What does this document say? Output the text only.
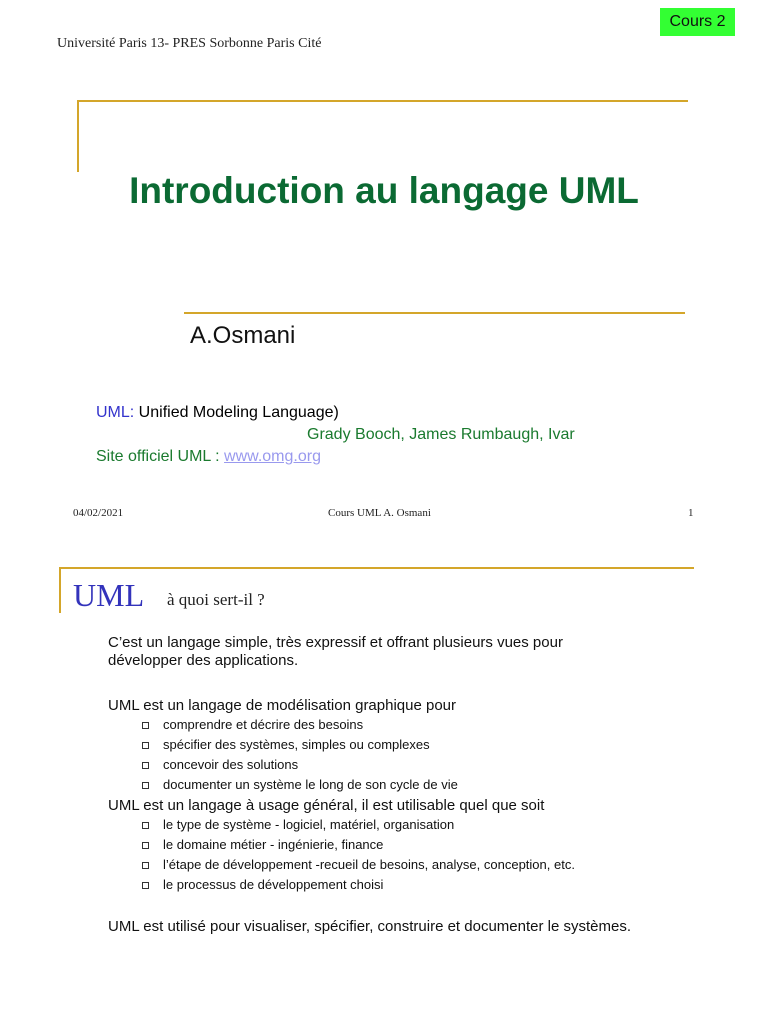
Cours 2
Université Paris 13- PRES Sorbonne Paris Cité
Introduction au langage UML
A.Osmani
UML: Unified Modeling Language)
Grady Booch, James Rumbaugh, Ivar
Site officiel UML : www.omg.org
04/02/2021	Cours UML A. Osmani	1
UML à quoi sert-il ?
C’est un langage simple, très expressif et offrant plusieurs vues pour
développer des applications.
UML est un langage de modélisation graphique pour
comprendre et décrire des besoins
spécifier des systèmes, simples ou complexes
concevoir des solutions
documenter un système le long de son cycle de vie
UML est un langage à usage général, il est utilisable quel que soit
le type de système - logiciel, matériel, organisation
le domaine métier - ingénierie, finance
l’étape de développement -recueil de besoins, analyse, conception, etc.
le processus de développement choisi
UML est utilisé pour visualiser, spécifier, construire et documenter le systèmes.
